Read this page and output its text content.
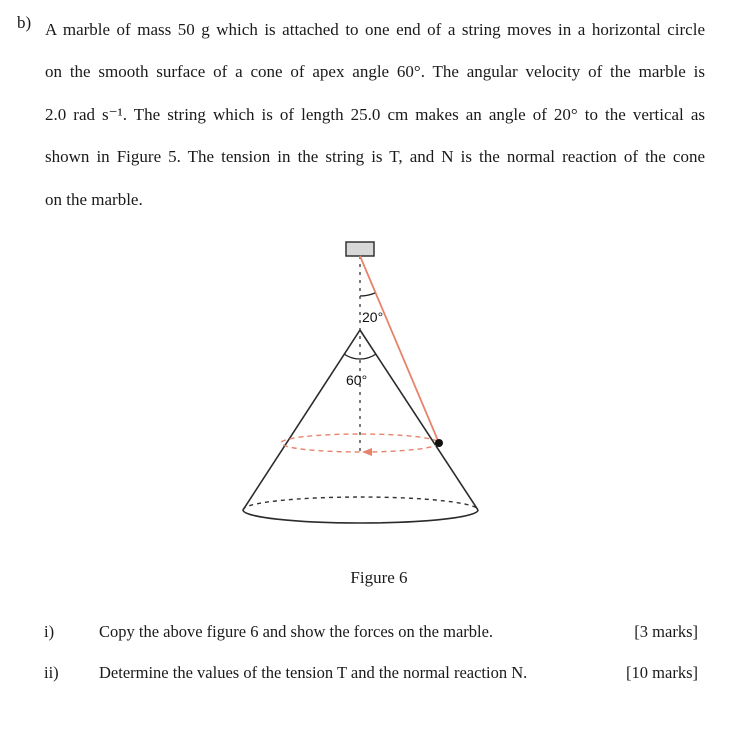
b) A marble of mass 50 g which is attached to one end of a string moves in a horizontal circle
on the smooth surface of a cone of apex angle 60°. The angular velocity of the marble is
2.0 rad s⁻¹. The string which is of length 25.0 cm makes an angle of 20° to the vertical as
shown in Figure 5. The tension in the string is T, and N is the normal reaction of the cone
on the marble.
20°
60°
Figure 6
i)	Copy the above figure 6 and show the forces on the marble.	[3 marks]
ii) Determine the values of the tension T and the normal reaction N.	[10 marks]
